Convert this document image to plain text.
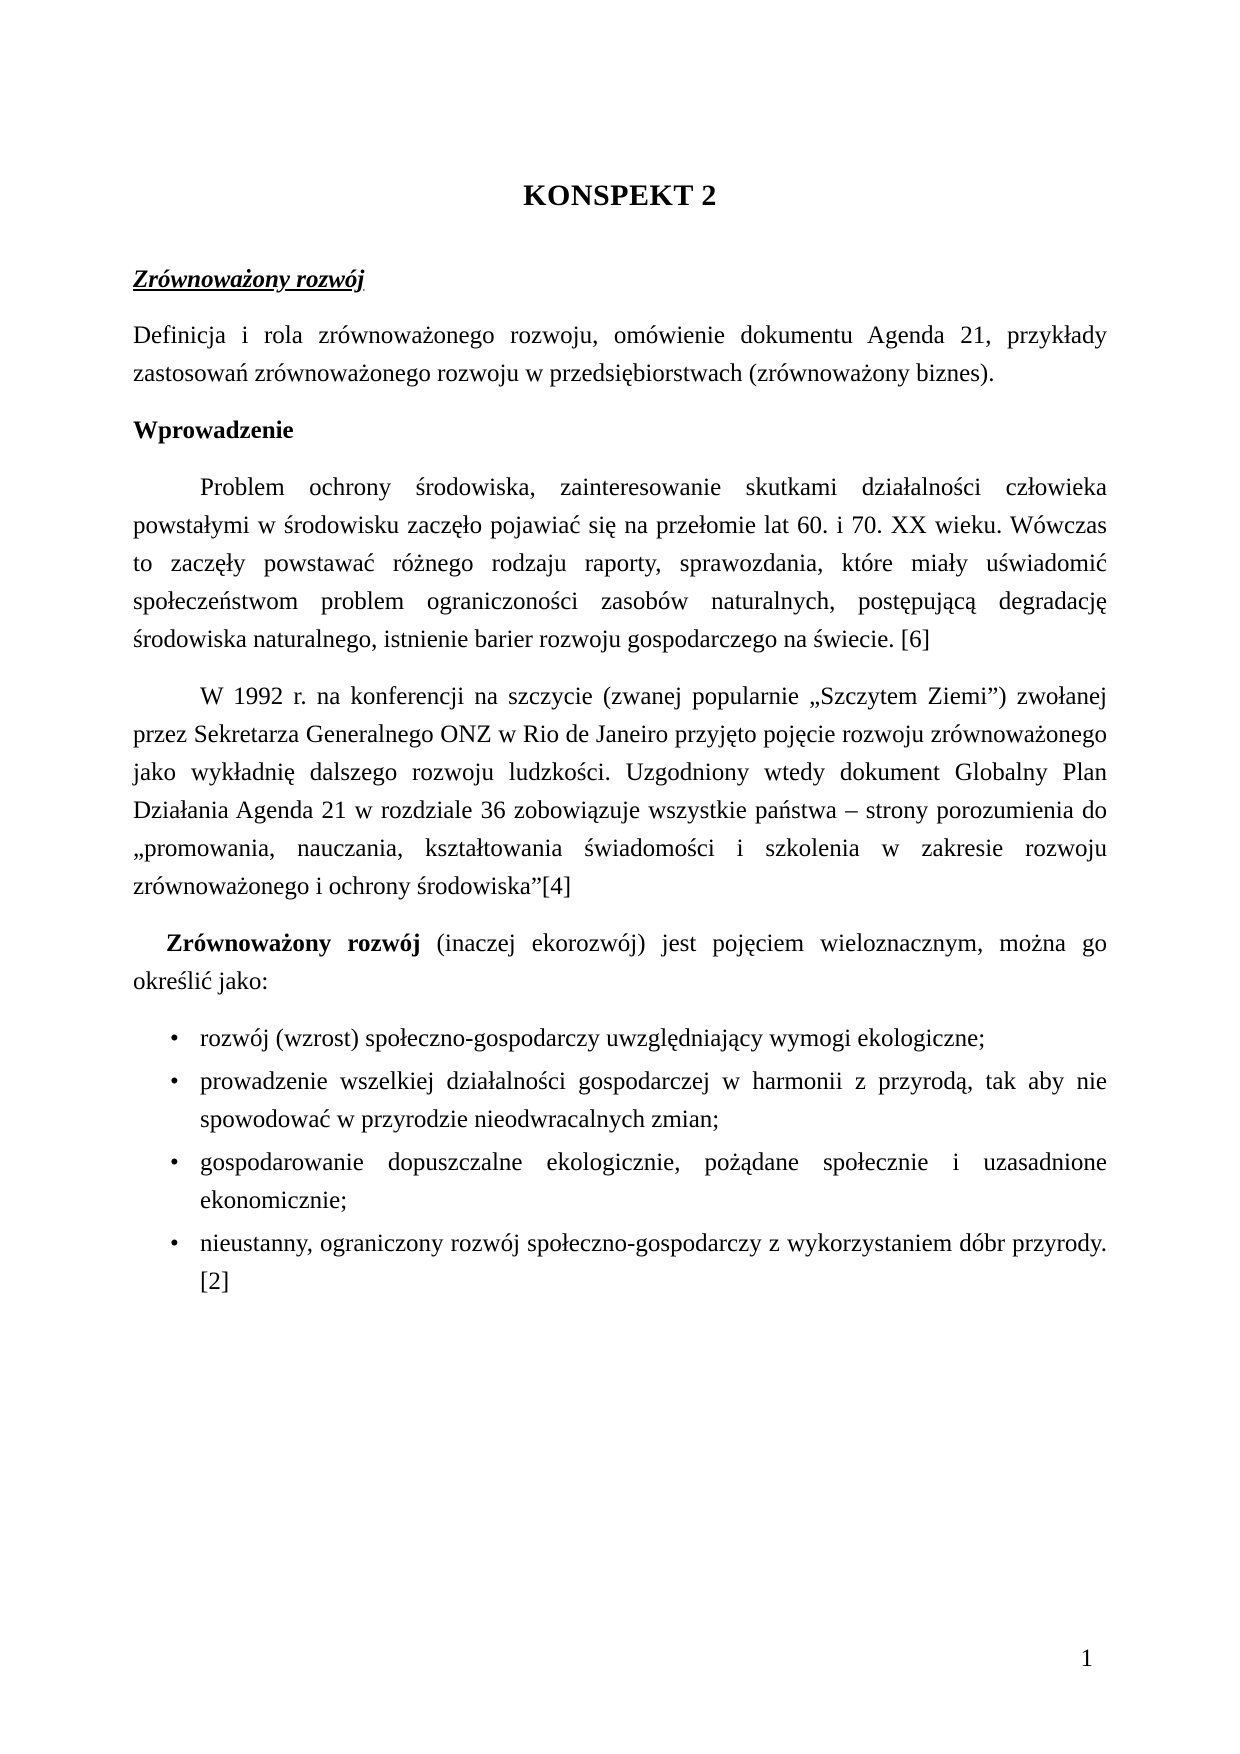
KONSPEKT 2

Zrównoważony rozwój

Definicja i rola zrównoważonego rozwoju, omówienie dokumentu Agenda 21, przykłady zastosowań zrównoważonego rozwoju w przedsiębiorstwach (zrównoważony biznes).

Wprowadzenie

Problem ochrony środowiska, zainteresowanie skutkami działalności człowieka powstałymi w środowisku zaczęło pojawiać się na przełomie lat 60. i 70. XX wieku. Wówczas to zaczęły powstawać różnego rodzaju raporty, sprawozdania, które miały uświadomić społeczeństwom problem ograniczoności zasobów naturalnych, postępującą degradację środowiska naturalnego, istnienie barier rozwoju gospodarczego na świecie. [6]

W 1992 r. na konferencji na szczycie (zwanej popularnie „Szczytem Ziemi”) zwołanej przez Sekretarza Generalnego ONZ w Rio de Janeiro przyjęto pojęcie rozwoju zrównoważonego jako wykładnię dalszego rozwoju ludzkości. Uzgodniony wtedy dokument Globalny Plan Działania Agenda 21 w rozdziale 36 zobowiązuje wszystkie państwa – strony porozumienia do „promowania, nauczania, kształtowania świadomości i szkolenia w zakresie rozwoju zrównoważonego i ochrony środowiska”[4]

Zrównoważony rozwój (inaczej ekorozwój) jest pojęciem wieloznacznym, można go określić jako:

• rozwój (wzrost) społeczno-gospodarczy uwzględniający wymogi ekologiczne;
• prowadzenie wszelkiej działalności gospodarczej w harmonii z przyrodą, tak aby nie spowodować w przyrodzie nieodwracalnych zmian;
• gospodarowanie dopuszczalne ekologicznie, pożądane społecznie i uzasadnione ekonomicznie;
• nieustanny, ograniczony rozwój społeczno-gospodarczy z wykorzystaniem dóbr przyrody. [2]
1
